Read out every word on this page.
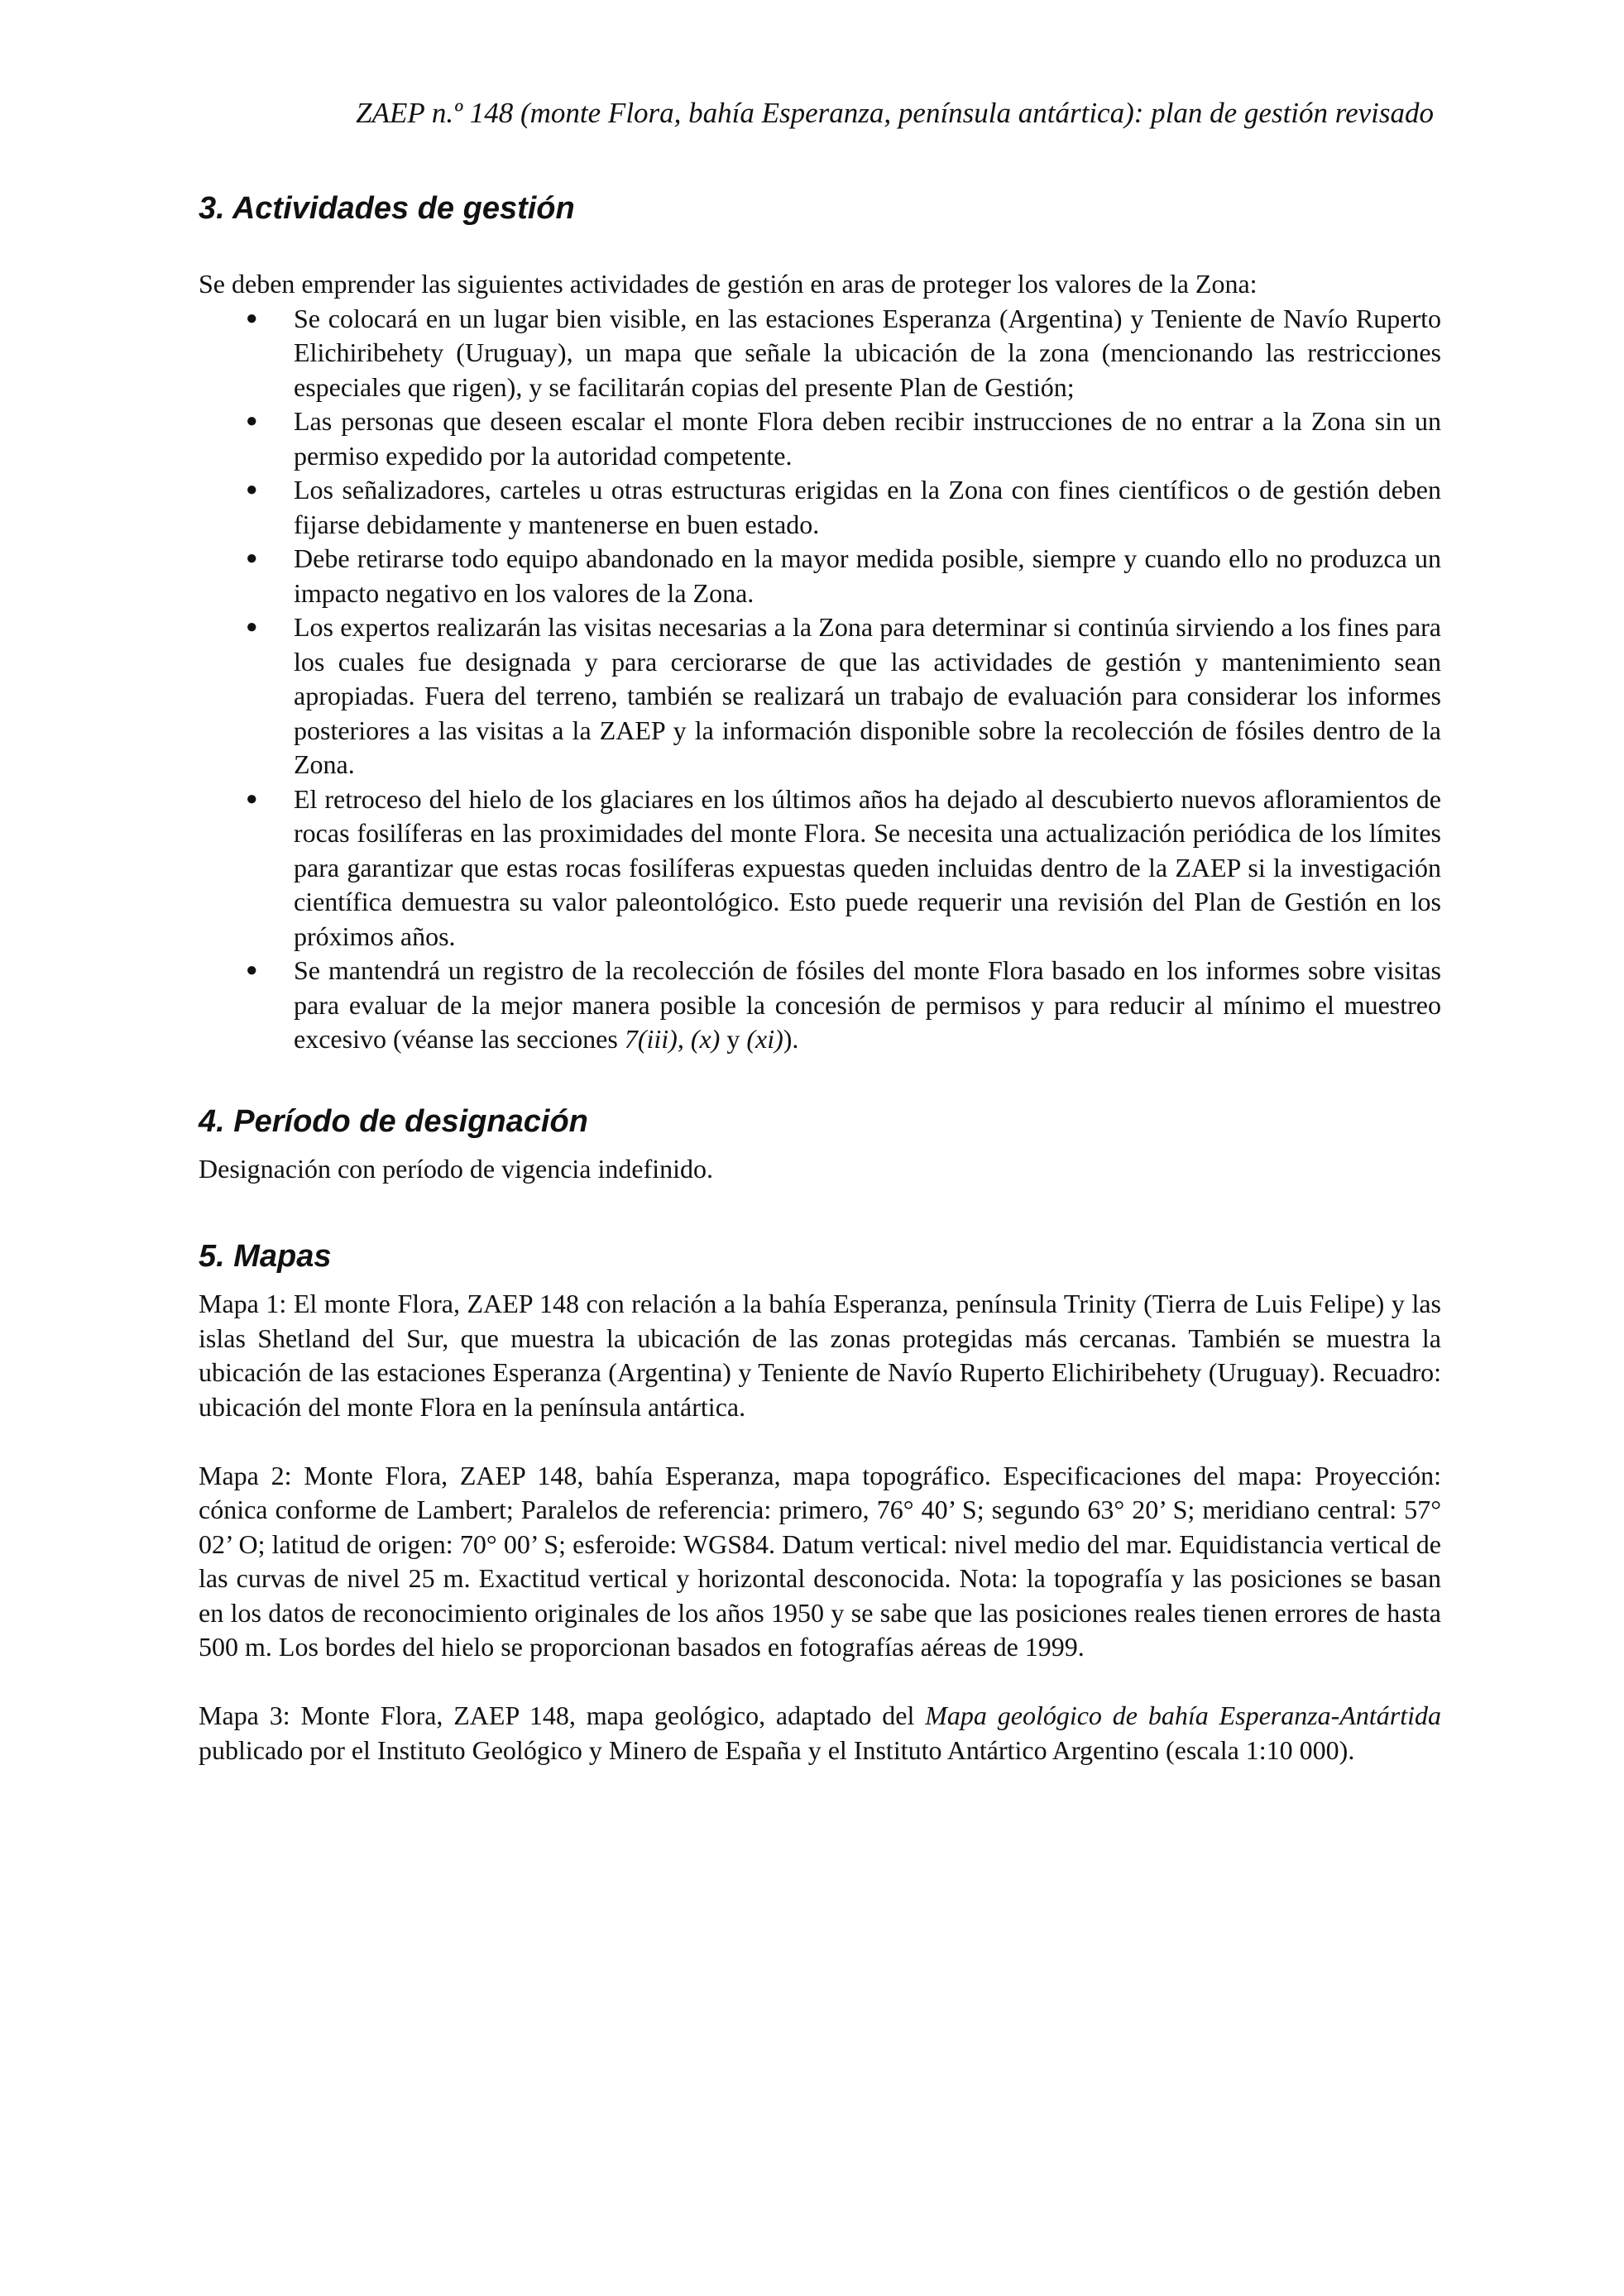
ZAEP n.º 148 (monte Flora, bahía Esperanza, península antártica): plan de gestión revisado
3. Actividades de gestión

Se deben emprender las siguientes actividades de gestión en aras de proteger los valores de la Zona:

● Se colocará en un lugar bien visible, en las estaciones Esperanza (Argentina) y Teniente de Navío Ruperto Elichiribehety (Uruguay), un mapa que señale la ubicación de la zona (mencionando las restricciones especiales que rigen), y se facilitarán copias del presente Plan de Gestión;
● Las personas que deseen escalar el monte Flora deben recibir instrucciones de no entrar a la Zona sin un permiso expedido por la autoridad competente.
● Los señalizadores, carteles u otras estructuras erigidas en la Zona con fines científicos o de gestión deben fijarse debidamente y mantenerse en buen estado.
● Debe retirarse todo equipo abandonado en la mayor medida posible, siempre y cuando ello no produzca un impacto negativo en los valores de la Zona.
● Los expertos realizarán las visitas necesarias a la Zona para determinar si continúa sirviendo a los fines para los cuales fue designada y para cerciorarse de que las actividades de gestión y mantenimiento sean apropiadas. Fuera del terreno, también se realizará un trabajo de evaluación para considerar los informes posteriores a las visitas a la ZAEP y la información disponible sobre la recolección de fósiles dentro de la Zona.
● El retroceso del hielo de los glaciares en los últimos años ha dejado al descubierto nuevos afloramientos de rocas fosilíferas en las proximidades del monte Flora. Se necesita una actualización periódica de los límites para garantizar que estas rocas fosilíferas expuestas queden incluidas dentro de la ZAEP si la investigación científica demuestra su valor paleontológico. Esto puede requerir una revisión del Plan de Gestión en los próximos años.
● Se mantendrá un registro de la recolección de fósiles del monte Flora basado en los informes sobre visitas para evaluar de la mejor manera posible la concesión de permisos y para reducir al mínimo el muestreo excesivo (véanse las secciones 7(iii), (x) y (xi)).
4. Período de designación

Designación con período de vigencia indefinido.

5. Mapas

Mapa 1: El monte Flora, ZAEP 148 con relación a la bahía Esperanza, península Trinity (Tierra de Luis Felipe) y las islas Shetland del Sur, que muestra la ubicación de las zonas protegidas más cercanas. También se muestra la ubicación de las estaciones Esperanza (Argentina) y Teniente de Navío Ruperto Elichiribehety (Uruguay). Recuadro: ubicación del monte Flora en la península antártica.

Mapa 2: Monte Flora, ZAEP 148, bahía Esperanza, mapa topográfico. Especificaciones del mapa: Proyección: cónica conforme de Lambert; Paralelos de referencia: primero, 76° 40’ S; segundo 63° 20’ S; meridiano central: 57° 02’ O; latitud de origen: 70° 00’ S; esferoide: WGS84. Datum vertical: nivel medio del mar. Equidistancia vertical de las curvas de nivel 25 m. Exactitud vertical y horizontal desconocida. Nota: la topografía y las posiciones se basan en los datos de reconocimiento originales de los años 1950 y se sabe que las posiciones reales tienen errores de hasta 500 m. Los bordes del hielo se proporcionan basados en fotografías aéreas de 1999.

Mapa 3: Monte Flora, ZAEP 148, mapa geológico, adaptado del Mapa geológico de bahía Esperanza-Antártida publicado por el Instituto Geológico y Minero de España y el Instituto Antártico Argentino (escala 1:10 000).
